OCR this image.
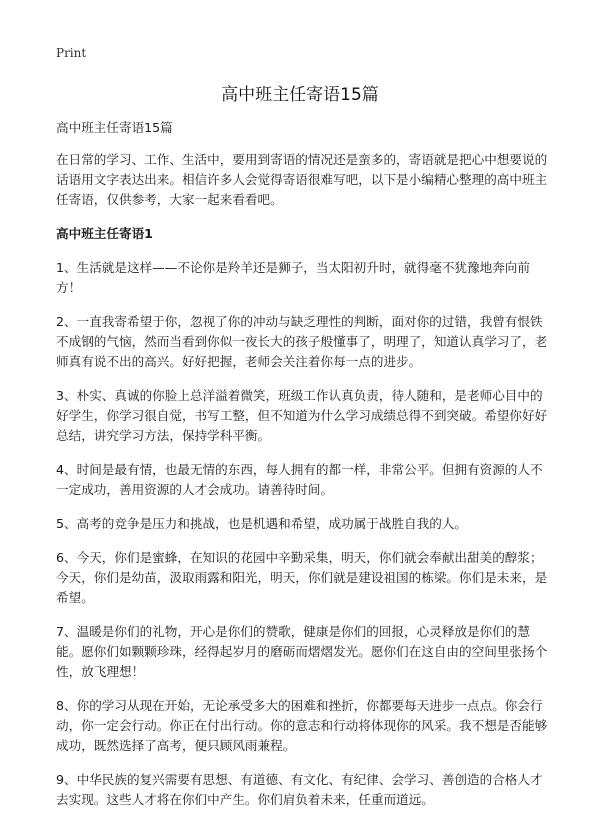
Print
高中班主任寄语15篇

高中班主任寄语15篇

在日常的学习、工作、生活中，要用到寄语的情况还是蛮多的，寄语就是把心中想要说的话语用文字表达出来。相信许多人会觉得寄语很难写吧，以下是小编精心整理的高中班主任寄语，仅供参考，大家一起来看看吧。

高中班主任寄语1

1、生活就是这样——不论你是羚羊还是狮子，当太阳初升时，就得毫不犹豫地奔向前方！

2、一直我寄希望于你，忽视了你的冲动与缺乏理性的判断，面对你的过错，我曾有恨铁不成钢的气恼，然而当看到你似一夜长大的孩子般懂事了，明理了，知道认真学习了，老师真有说不出的高兴。好好把握，老师会关注着你每一点的进步。

3、朴实、真诚的你脸上总洋溢着微笑，班级工作认真负责，待人随和，是老师心目中的好学生，你学习很自觉，书写工整，但不知道为什么学习成绩总得不到突破。希望你好好总结，讲究学习方法，保持学科平衡。

4、时间是最有情，也最无情的东西，每人拥有的都一样，非常公平。但拥有资源的人不一定成功，善用资源的人才会成功。请善待时间。

5、高考的竞争是压力和挑战，也是机遇和希望，成功属于战胜自我的人。

6、今天，你们是蜜蜂，在知识的花园中辛勤采集，明天，你们就会奉献出甜美的醇浆；今天，你们是幼苗，汲取雨露和阳光，明天，你们就是建设祖国的栋梁。你们是未来，是希望。

7、温暖是你们的礼物，开心是你们的赞歌，健康是你们的回报，心灵释放是你们的慧能。愿你们如颗颗珍珠，经得起岁月的磨砺而熠熠发光。愿你们在这自由的空间里张扬个性，放飞理想！

8、你的学习从现在开始，无论承受多大的困难和挫折，你都要每天进步一点点。你会行动，你一定会行动。你正在付出行动。你的意志和行动将体现你的风采。我不想是否能够成功，既然选择了高考，便只顾风雨兼程。

9、中华民族的复兴需要有思想、有道德、有文化、有纪律、会学习、善创造的合格人才去实现。这些人才将在你们中产生。你们肩负着未来，任重而道远。
